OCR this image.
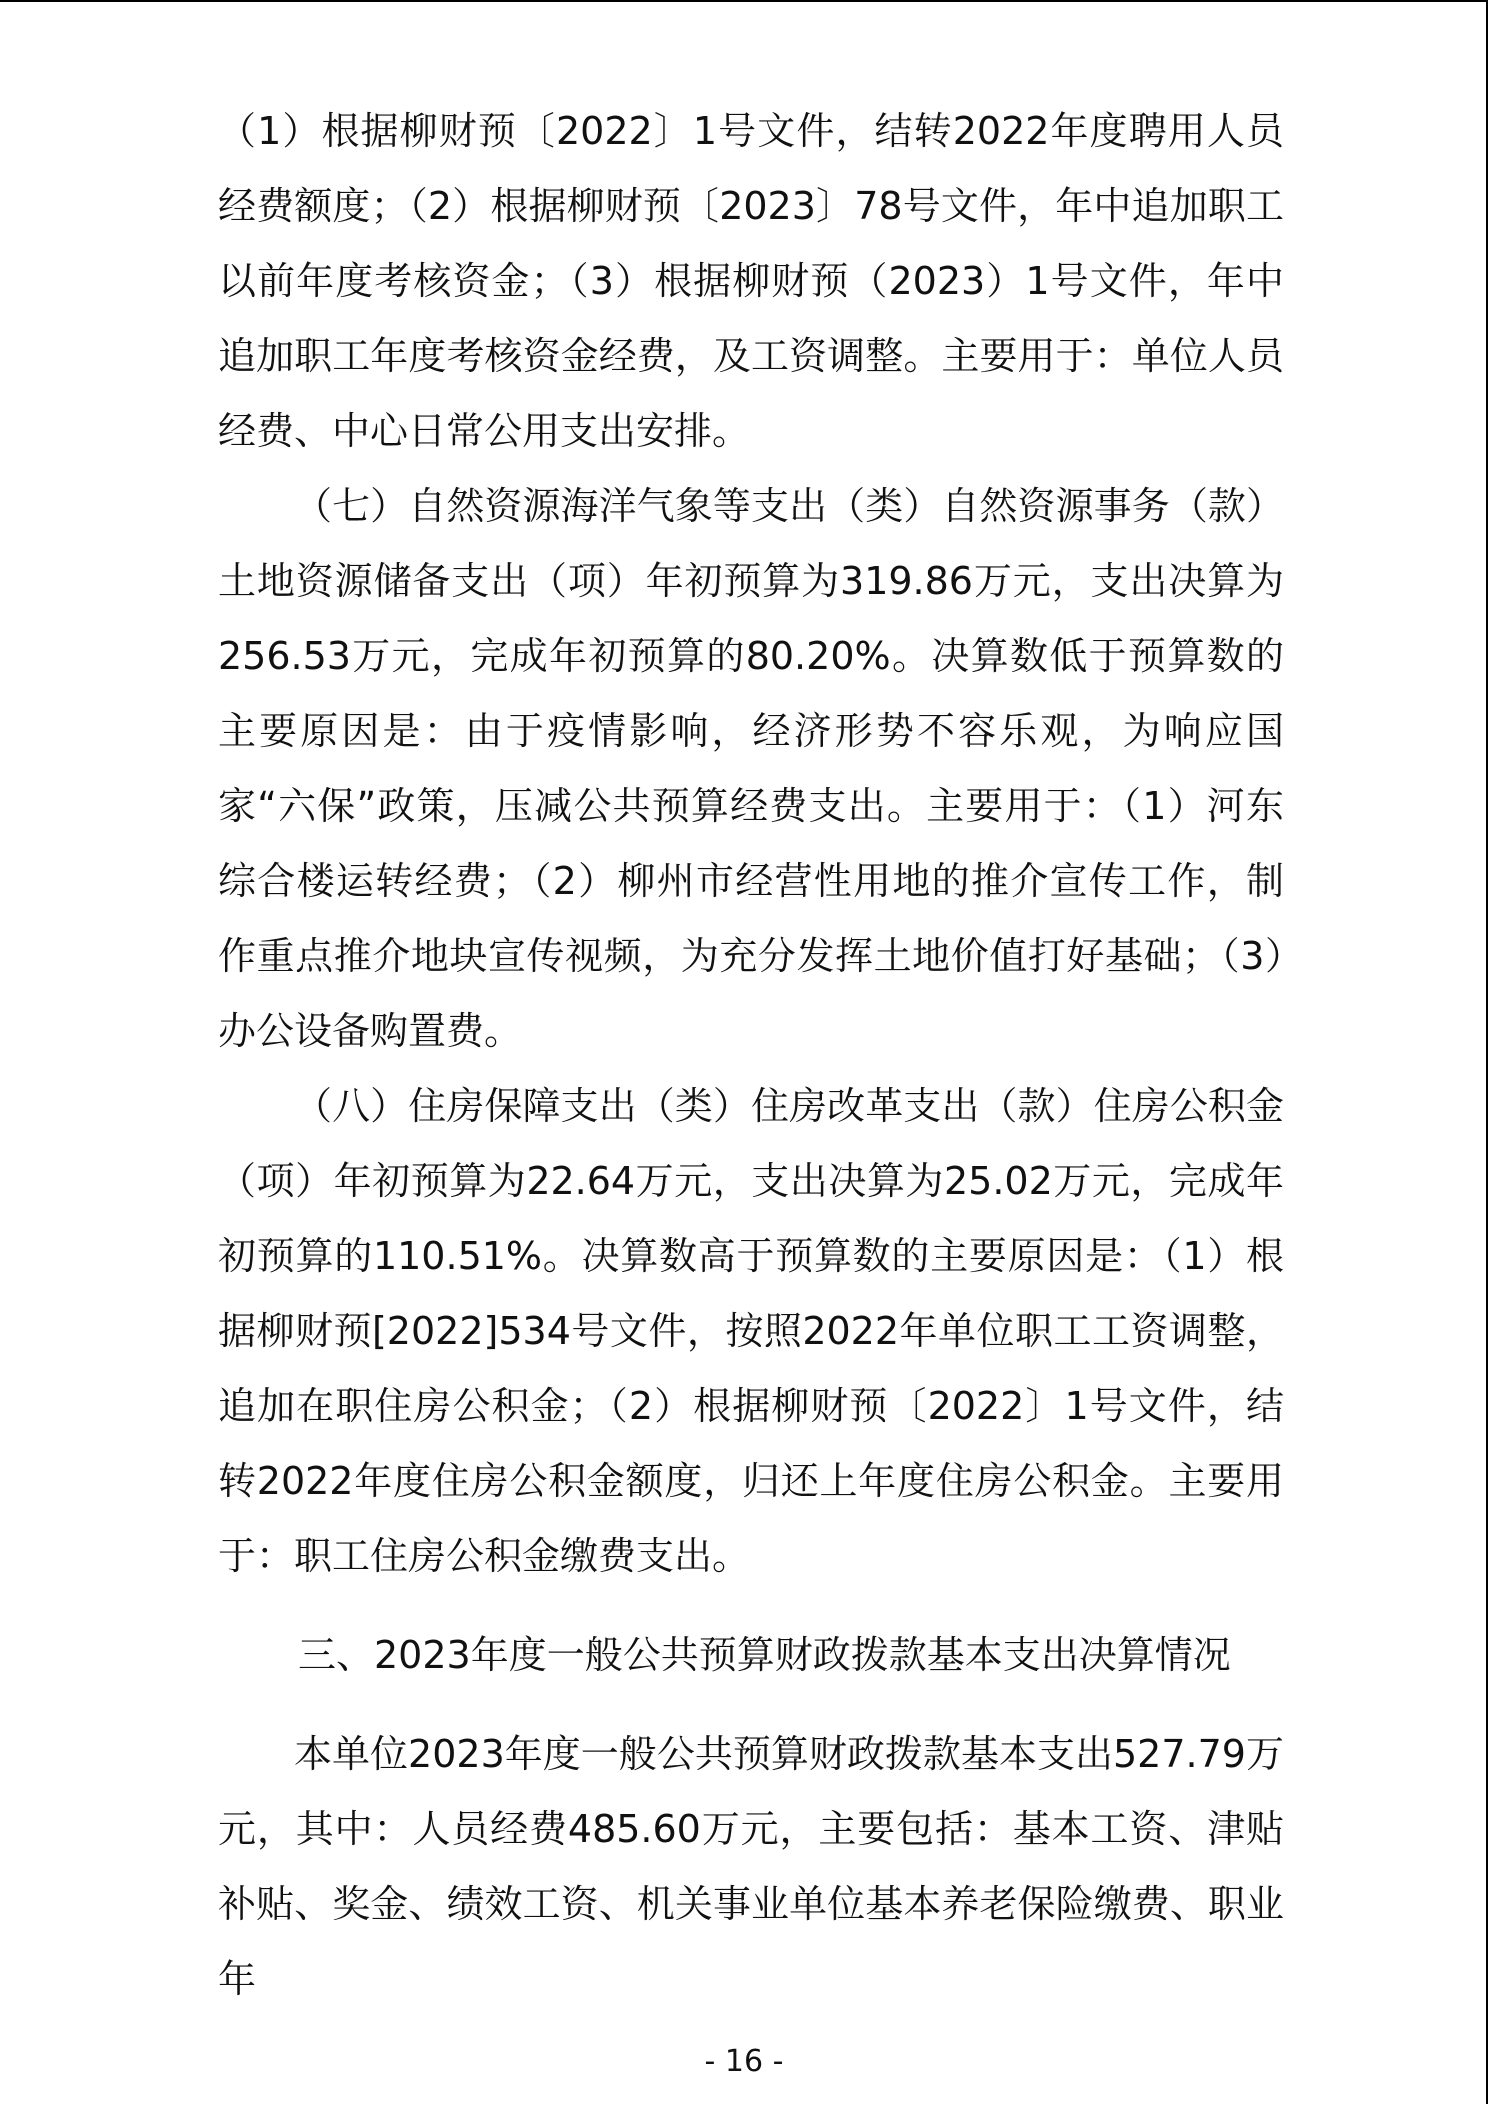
（1）根据柳财预〔2022〕1号文件，结转2022年度聘用人员经费额度；（2）根据柳财预〔2023〕78号文件，年中追加职工以前年度考核资金；（3）根据柳财预（2023）1号文件，年中追加职工年度考核资金经费，及工资调整。主要用于：单位人员经费、中心日常公用支出安排。

（七）自然资源海洋气象等支出（类）自然资源事务（款）土地资源储备支出（项）年初预算为319.86万元，支出决算为256.53万元，完成年初预算的80.20%。决算数低于预算数的主要原因是：由于疫情影响，经济形势不容乐观，为响应国家“六保”政策，压减公共预算经费支出。主要用于：（1）河东综合楼运转经费；（2）柳州市经营性用地的推介宣传工作，制作重点推介地块宣传视频，为充分发挥土地价值打好基础；（3）办公设备购置费。

（八）住房保障支出（类）住房改革支出（款）住房公积金（项）年初预算为22.64万元，支出决算为25.02万元，完成年初预算的110.51%。决算数高于预算数的主要原因是：（1）根据柳财预[2022]534号文件，按照2022年单位职工工资调整，追加在职住房公积金；（2）根据柳财预〔2022〕1号文件，结转2022年度住房公积金额度，归还上年度住房公积金。主要用于：职工住房公积金缴费支出。

三、2023年度一般公共预算财政拨款基本支出决算情况

本单位2023年度一般公共预算财政拨款基本支出527.79万元，其中：人员经费485.60万元，主要包括：基本工资、津贴补贴、奖金、绩效工资、机关事业单位基本养老保险缴费、职业年

- 16 -
